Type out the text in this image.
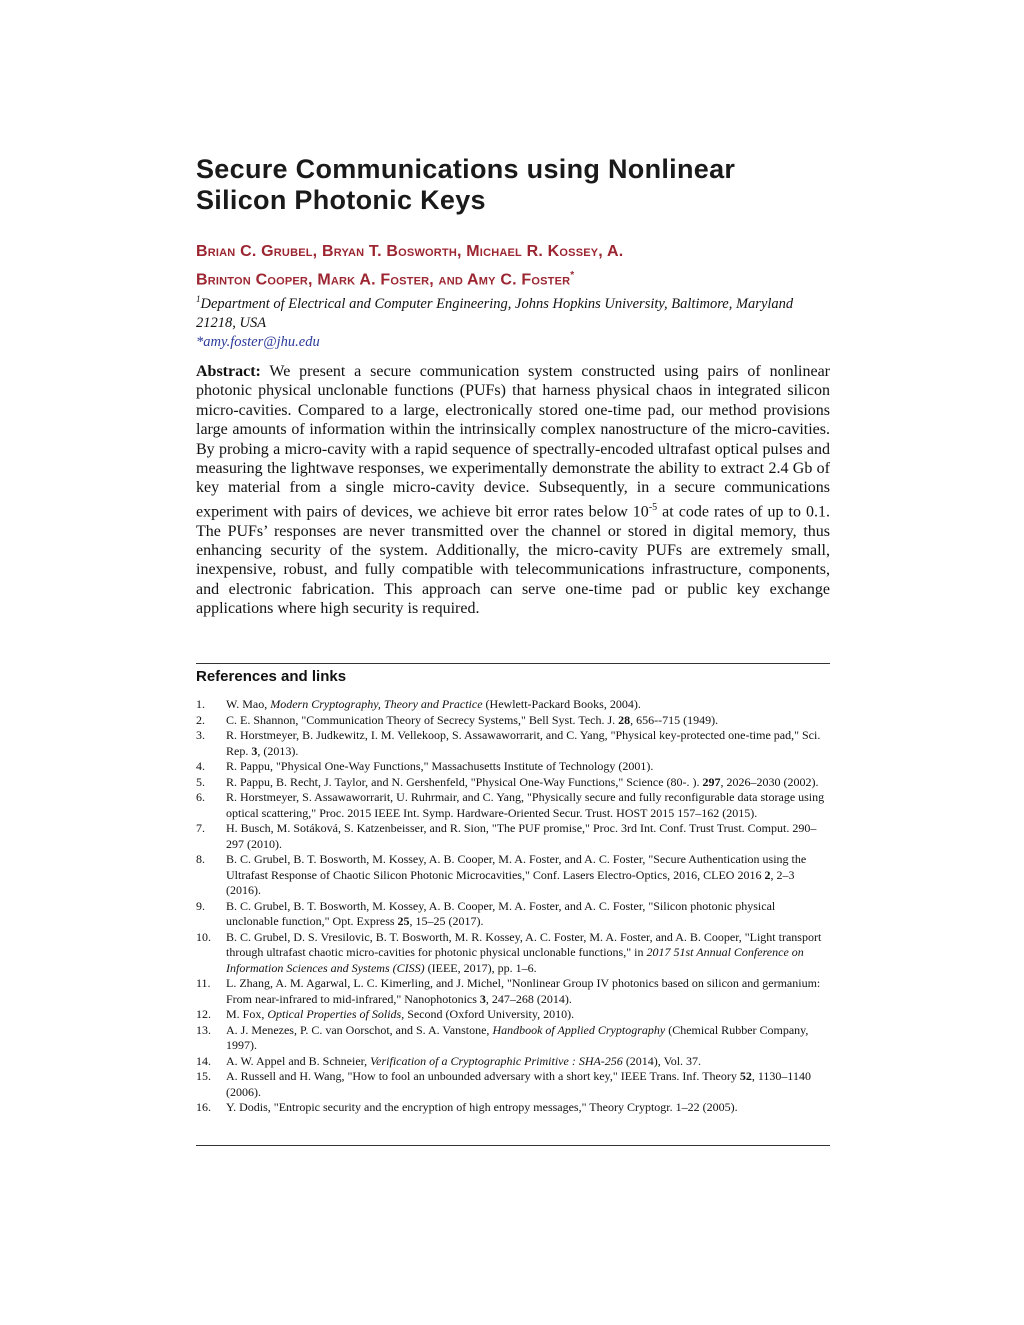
Secure Communications using Nonlinear
Silicon Photonic Keys

Brian C. Grubel, Bryan T. Bosworth, Michael R. Kossey, A.
Brinton Cooper, Mark A. Foster, and Amy C. Foster*

$^1$Department of Electrical and Computer Engineering, Johns Hopkins University, Baltimore, Maryland 21218, USA
*amy.foster@jhu.edu

Abstract: We present a secure communication system constructed using pairs of nonlinear photonic physical unclonable functions (PUFs) that harness physical chaos in integrated silicon micro-cavities. Compared to a large, electronically stored one-time pad, our method provisions large amounts of information within the intrinsically complex nanostructure of the micro-cavities. By probing a micro-cavity with a rapid sequence of spectrally-encoded ultrafast optical pulses and measuring the lightwave responses, we experimentally demonstrate the ability to extract 2.4 Gb of key material from a single micro-cavity device. Subsequently, in a secure communications experiment with pairs of devices, we achieve bit error rates below $10^{-5}$ at code rates of up to 0.1. The PUFs’ responses are never transmitted over the channel or stored in digital memory, thus enhancing security of the system. Additionally, the micro-cavity PUFs are extremely small, inexpensive, robust, and fully compatible with telecommunications infrastructure, components, and electronic fabrication. This approach can serve one-time pad or public key exchange applications where high security is required.

References and links
1. W. Mao, Modern Cryptography, Theory and Practice (Hewlett-Packard Books, 2004).
2. C. E. Shannon, "Communication Theory of Secrecy Systems," Bell Syst. Tech. J. 28, 656--715 (1949).
3. R. Horstmeyer, B. Judkewitz, I. M. Vellekoop, S. Assawaworrarit, and C. Yang, "Physical key-protected one-time pad," Sci. Rep. 3, (2013).
4. R. Pappu, "Physical One-Way Functions," Massachusetts Institute of Technology (2001).
5. R. Pappu, B. Recht, J. Taylor, and N. Gershenfeld, "Physical One-Way Functions," Science (80-. ). 297, 2026–2030 (2002).
6. R. Horstmeyer, S. Assawaworrarit, U. Ruhrmair, and C. Yang, "Physically secure and fully reconfigurable data storage using optical scattering," Proc. 2015 IEEE Int. Symp. Hardware-Oriented Secur. Trust. HOST 2015 157–162 (2015).
7. H. Busch, M. Sotáková, S. Katzenbeisser, and R. Sion, "The PUF promise," Proc. 3rd Int. Conf. Trust Trust. Comput. 290–297 (2010).
8. B. C. Grubel, B. T. Bosworth, M. Kossey, A. B. Cooper, M. A. Foster, and A. C. Foster, "Secure Authentication using the Ultrafast Response of Chaotic Silicon Photonic Microcavities," Conf. Lasers Electro-Optics, 2016, CLEO 2016 2, 2–3 (2016).
9. B. C. Grubel, B. T. Bosworth, M. Kossey, A. B. Cooper, M. A. Foster, and A. C. Foster, "Silicon photonic physical unclonable function," Opt. Express 25, 15–25 (2017).
10. B. C. Grubel, D. S. Vresilovic, B. T. Bosworth, M. R. Kossey, A. C. Foster, M. A. Foster, and A. B. Cooper, "Light transport through ultrafast chaotic micro-cavities for photonic physical unclonable functions," in 2017 51st Annual Conference on Information Sciences and Systems (CISS) (IEEE, 2017), pp. 1–6.
11. L. Zhang, A. M. Agarwal, L. C. Kimerling, and J. Michel, "Nonlinear Group IV photonics based on silicon and germanium: From near-infrared to mid-infrared," Nanophotonics 3, 247–268 (2014).
12. M. Fox, Optical Properties of Solids, Second (Oxford University, 2010).
13. A. J. Menezes, P. C. van Oorschot, and S. A. Vanstone, Handbook of Applied Cryptography (Chemical Rubber Company, 1997).
14. A. W. Appel and B. Schneier, Verification of a Cryptographic Primitive : SHA-256 (2014), Vol. 37.
15. A. Russell and H. Wang, "How to fool an unbounded adversary with a short key," IEEE Trans. Inf. Theory 52, 1130–1140 (2006).
16. Y. Dodis, "Entropic security and the encryption of high entropy messages," Theory Cryptogr. 1–22 (2005).
